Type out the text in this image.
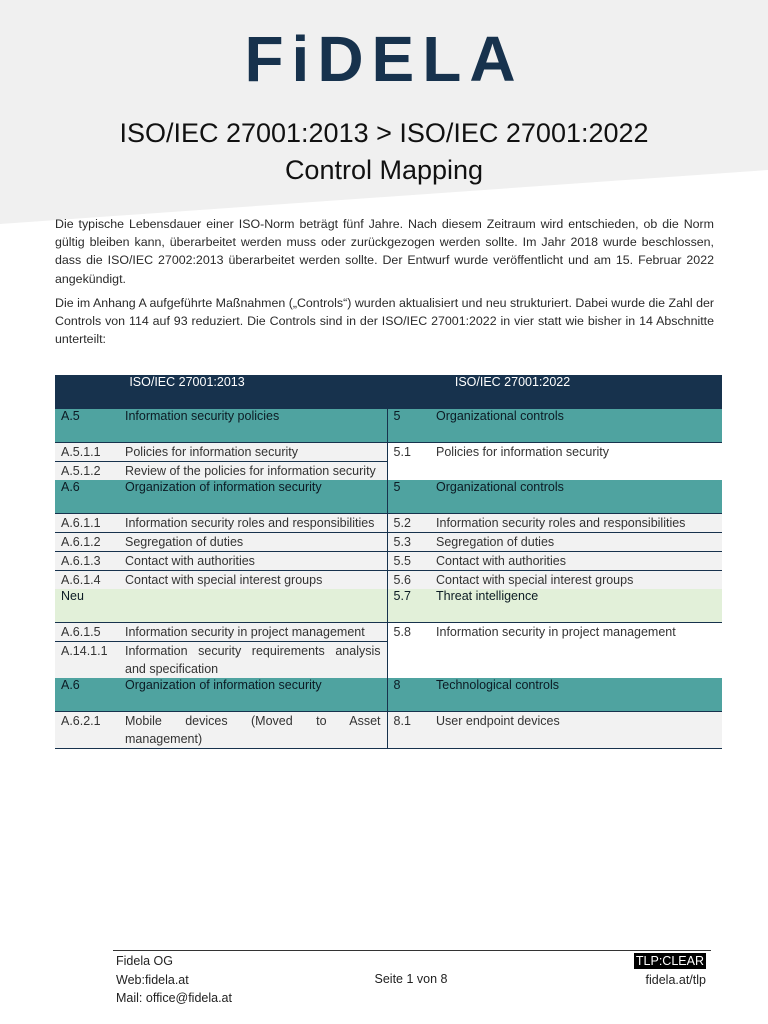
FiDELA
ISO/IEC 27001:2013 > ISO/IEC 27001:2022
Control Mapping

Die typische Lebensdauer einer ISO-Norm beträgt fünf Jahre. Nach diesem Zeitraum wird entschieden, ob die Norm gültig bleiben kann, überarbeitet werden muss oder zurückgezogen werden sollte. Im Jahr 2018 wurde beschlossen, dass die ISO/IEC 27002:2013 überarbeitet werden sollte. Der Entwurf wurde veröffentlicht und am 15. Februar 2022 angekündigt.

Die im Anhang A aufgeführte Maßnahmen („Controls“) wurden aktualisiert und neu strukturiert. Dabei wurde die Zahl der Controls von 114 auf 93 reduziert. Die Controls sind in der ISO/IEC 27001:2022 in vier statt wie bisher in 14 Abschnitte unterteilt:

ISO/IEC 27001:2013		ISO/IEC 27001:2022	
A.5	Information security policies	5	Organizational controls
A.5.1.1	Policies for information security	5.1	Policies for information security
A.5.1.2	Review of the policies for information security		
A.6	Organization of information security	5	Organizational controls
A.6.1.1	Information security roles and responsibilities	5.2	Information security roles and responsibilities
A.6.1.2	Segregation of duties	5.3	Segregation of duties
A.6.1.3	Contact with authorities	5.5	Contact with authorities
A.6.1.4	Contact with special interest groups	5.6	Contact with special interest groups
Neu		5.7	Threat intelligence
A.6.1.5	Information security in project management	5.8	Information security in project management
A.14.1.1	Information security requirements analysis and specification		
A.6	Organization of information security	8	Technological controls
A.6.2.1	Mobile devices (Moved to Asset management)	8.1	User endpoint devices
Fidela OG
Web:fidela.at
Mail: office@fidela.at
Seite 1 von 8
TLP:CLEAR
fidela.at/tlp
